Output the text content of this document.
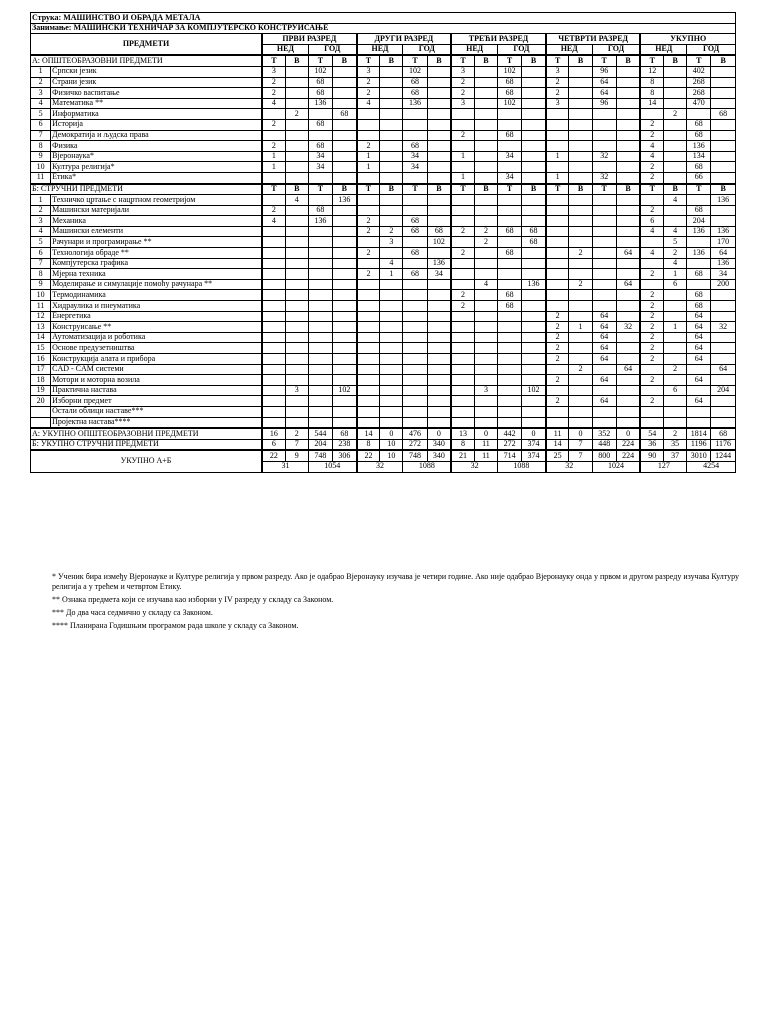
Струка: МАШИНСТВО И ОБРАДА МЕТАЛА																					
Занимање: МАШИНСКИ ТЕХНИЧАР ЗА КОМПЈУТЕРСКО КОНСТРУИСАЊЕ																					
ПРЕДМЕТИ		ПРВИ РАЗРЕД				ДРУГИ РАЗРЕД				ТРЕЋИ РАЗРЕД				ЧЕТВРТИ РАЗРЕД				УКУПНО			
		НЕД		ГОД		НЕД		ГОД		НЕД		ГОД		НЕД		ГОД		НЕД		ГОД	
А: ОПШТЕОБРАЗОВНИ ПРЕДМЕТИ		Т	В	Т	В	Т	В	Т	В	Т	В	Т	В	Т	В	Т	В	Т	В	Т	В
1	Српски језик	3		102		3		102		3		102		3		96		12		402	
2	Страни језик	2		68		2		68		2		68		2		64		8		268	
3	Физичко васпитање	2		68		2		68		2		68		2		64		8		268	
4	Математика **	4		136		4		136		3		102		3		96		14		470	
5	Информатика		2		68														2		68
6	Историја	2		68														2		68	
7	Демократија и људска права									2		68						2		68	
8	Физика	2		68		2		68										4		136	
9	Вјеронаука*	1		34		1		34		1		34		1		32		4		134	
10	Култура религија*	1		34		1		34										2		68	
11	Етика*									1		34		1		32		2		66	
Б: СТРУЧНИ ПРЕДМЕТИ		Т	В	Т	В	Т	В	Т	В	Т	В	Т	В	Т	В	Т	В	Т	В	Т	В
1	Техничко цртање с нацртном геометријом		4		136														4		136
2	Машински материјали	2		68														2		68	
3	Механика	4		136		2		68										6		204	
4	Машински елементи					2	2	68	68	2	2	68	68					4	4	136	136
5	Рачунари и програмирање **						3		102		2		68						5		170
6	Технологија обраде **					2		68		2		68			2		64	4	2	136	64
7	Компјутерска графика						4		136										4		136
8	Мјерна техника					2	1	68	34									2	1	68	34
9	Моделирање и симулације помоћу рачунара **										4		136		2		64		6		200
10	Термодинамика									2		68						2		68	
11	Хидраулика и пнеуматика									2		68						2		68	
12	Енергетика													2		64		2		64	
13	Конструисање **													2	1	64	32	2	1	64	32
14	Аутоматизација и роботика													2		64		2		64	
15	Основе предузетништва													2		64		2		64	
16	Конструкција алата и прибора													2		64		2		64	
17	CAD - CAM системи														2		64		2		64
18	Мотори и моторна возила													2		64		2		64	
19	Практична настава		3		102						3		102						6		204
20	Изборни предмет													2		64		2		64	
	Остали облици наставе***																				
	Пројектна настава****																				
А: УКУПНО ОПШТЕОБРАЗОВНИ ПРЕДМЕТИ		16	2	544	68	14	0	476	0	13	0	442	0	11	0	352	0	54	2	1814	68
Б: УКУПНО СТРУЧНИ ПРЕДМЕТИ		6	7	204	238	8	10	272	340	8	11	272	374	14	7	448	224	36	35	1196	1176
УКУПНО А+Б		22	9	748	306	22	10	748	340	21	11	714	374	25	7	800	224	90	37	3010	1244
		31		1054		32		1088		32		1088		32		1024		127		4254	

* Ученик бира између Вјеронауке и Културе религија у првом разреду. Ако је одабрао Вјеронауку изучава је четири године. Ако није одабрао Вјеронауку онда у првом и другом разреду изучава Културу религија а у трећем и четвртом Етику.

** Ознака предмета који се изучава као изборни у IV разреду у складу са Законом.

*** До два часа седмично у складу са Законом.

**** Планирана Годишњим програмом рада школе у складу са Законом.
